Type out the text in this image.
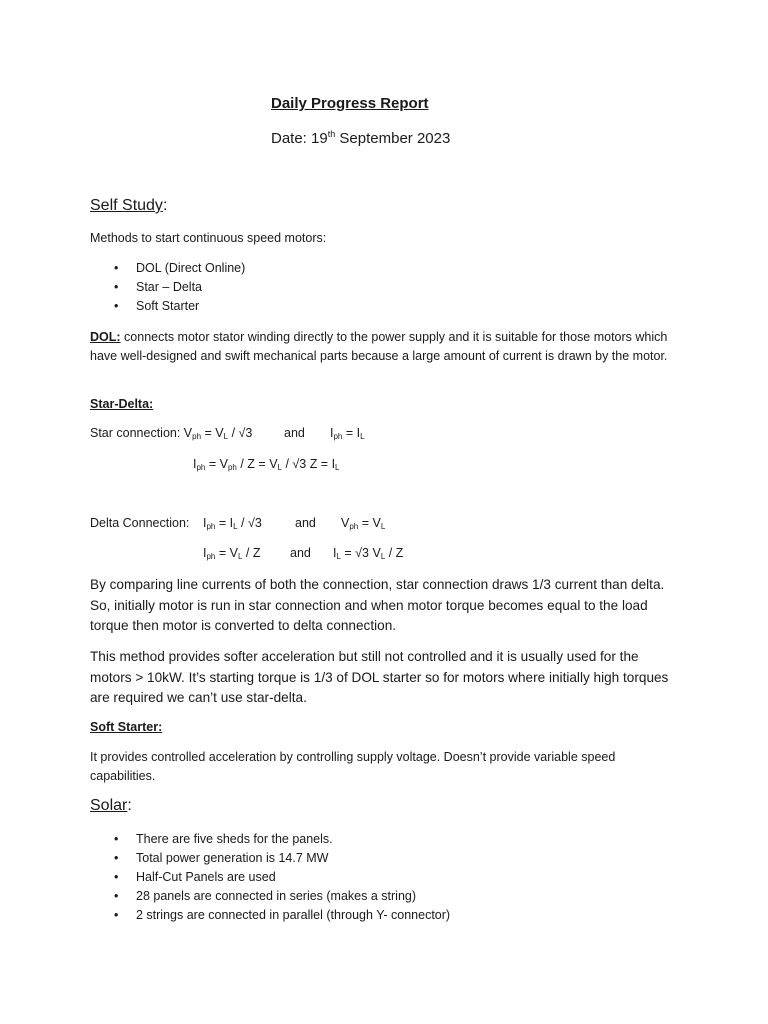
Daily Progress Report
Date: 19th September 2023
Self Study:
Methods to start continuous speed motors:
• DOL (Direct Online)
• Star – Delta
• Soft Starter
DOL: connects motor stator winding directly to the power supply and it is suitable for those motors which have well-designed and swift mechanical parts because a large amount of current is drawn by the motor.
Star-Delta:
Star connection: $V_{ph} = V_L / √3$	and $I_{ph} = I_L$
$I_{ph} = V_{ph} / Z = V_L / √3$ $Z = I_L$
Delta Connection: $I_{ph} = I_L / √3$	and $V_{ph} = V_L$
$I_{ph} = V_L / Z$ and $I_L = √3$ $V_L$ / Z
By comparing line currents of both the connection, star connection draws 1/3 current than delta. So, initially motor is run in star connection and when motor torque becomes equal to the load torque then motor is converted to delta connection.
This method provides softer acceleration but still not controlled and it is usually used for the motors > 10kW. It’s starting torque is 1/3 of DOL starter so for motors where initially high torques are required we can’t use star-delta.
Soft Starter:
It provides controlled acceleration by controlling supply voltage. Doesn’t provide variable speed capabilities.
Solar:
• There are five sheds for the panels.
• Total power generation is 14.7 MW
• Half-Cut Panels are used
• 28 panels are connected in series (makes a string)
• 2 strings are connected in parallel (through Y- connector)
